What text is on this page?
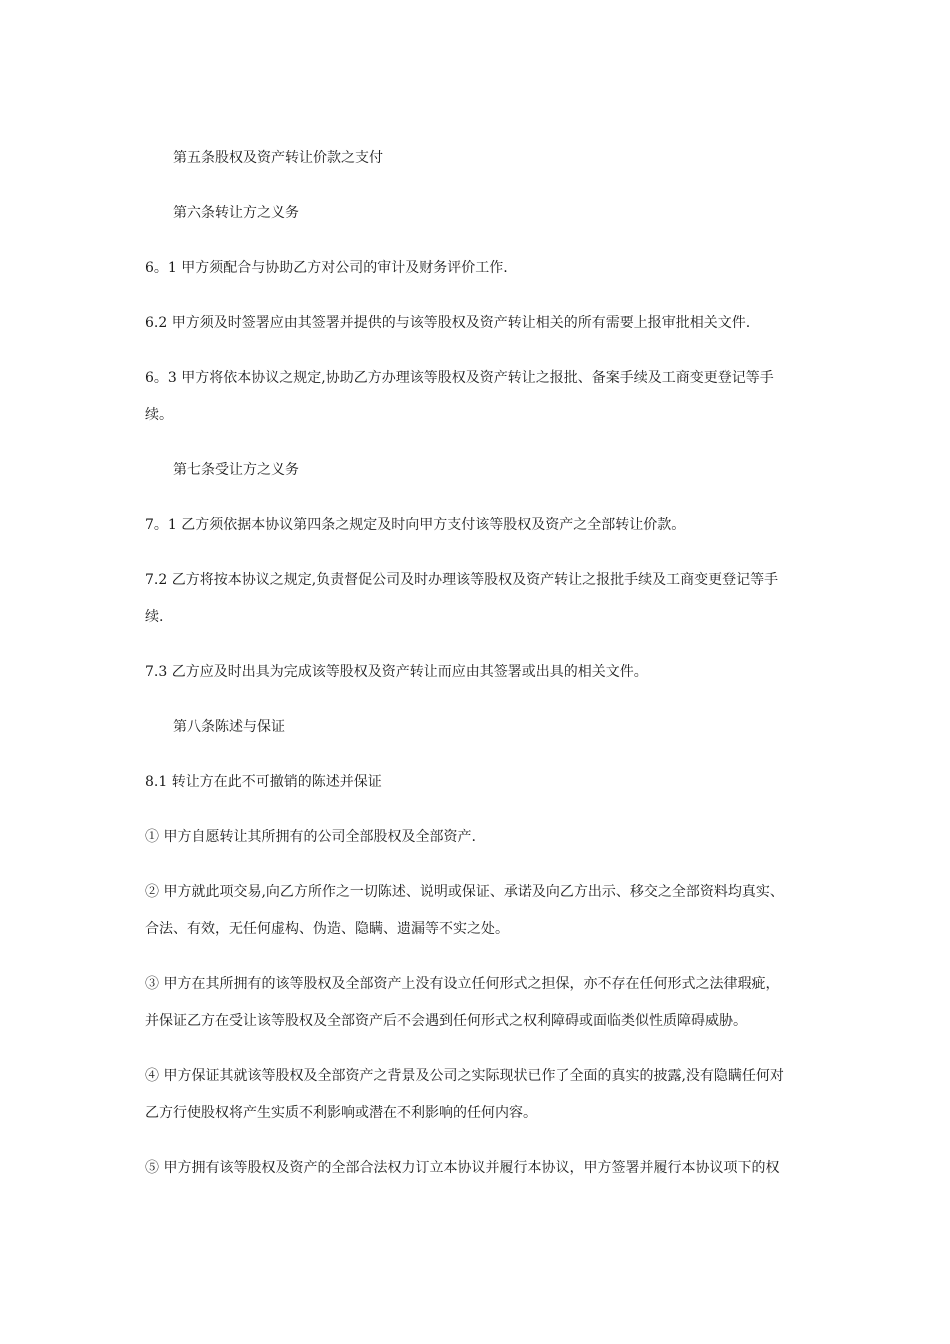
第五条股权及资产转让价款之支付
第六条转让方之义务
6。1 甲方须配合与协助乙方对公司的审计及财务评价工作.
6.2 甲方须及时签署应由其签署并提供的与该等股权及资产转让相关的所有需要上报审批相关文件.
6。3 甲方将依本协议之规定,协助乙方办理该等股权及资产转让之报批、备案手续及工商变更登记等手
续。
第七条受让方之义务
7。1 乙方须依据本协议第四条之规定及时向甲方支付该等股权及资产之全部转让价款。
7.2 乙方将按本协议之规定,负责督促公司及时办理该等股权及资产转让之报批手续及工商变更登记等手
续.
7.3 乙方应及时出具为完成该等股权及资产转让而应由其签署或出具的相关文件。
第八条陈述与保证
8.1 转让方在此不可撤销的陈述并保证
① 甲方自愿转让其所拥有的公司全部股权及全部资产.
② 甲方就此项交易,向乙方所作之一切陈述、说明或保证、承诺及向乙方出示、移交之全部资料均真实、
合法、有效，无任何虚构、伪造、隐瞒、遗漏等不实之处。
③ 甲方在其所拥有的该等股权及全部资产上没有设立任何形式之担保，亦不存在任何形式之法律瑕疵，
并保证乙方在受让该等股权及全部资产后不会遇到任何形式之权利障碍或面临类似性质障碍威胁。
④ 甲方保证其就该等股权及全部资产之背景及公司之实际现状已作了全面的真实的披露,没有隐瞒任何对
乙方行使股权将产生实质不利影响或潜在不利影响的任何内容。
⑤ 甲方拥有该等股权及资产的全部合法权力订立本协议并履行本协议，甲方签署并履行本协议项下的权
